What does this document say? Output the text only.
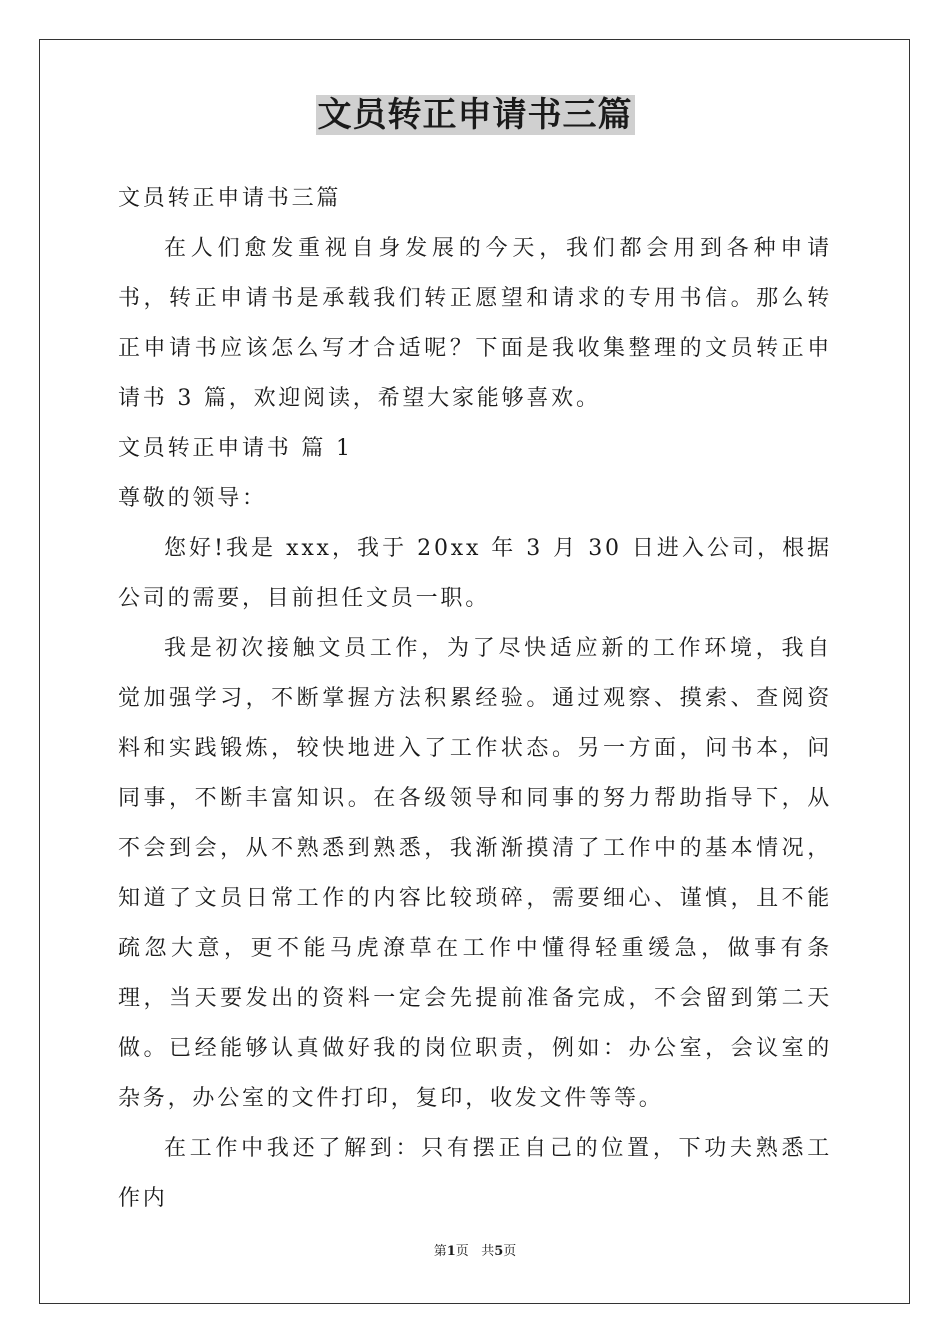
文员转正申请书三篇

文员转正申请书三篇

在人们愈发重视自身发展的今天，我们都会用到各种申请书，转正申请书是承载我们转正愿望和请求的专用书信。那么转正申请书应该怎么写才合适呢？下面是我收集整理的文员转正申请书 3 篇，欢迎阅读，希望大家能够喜欢。

文员转正申请书 篇 1

尊敬的领导：

您好!我是 xxx，我于 20xx 年 3 月 30 日进入公司，根据公司的需要，目前担任文员一职。

我是初次接触文员工作，为了尽快适应新的工作环境，我自觉加强学习，不断掌握方法积累经验。通过观察、摸索、查阅资料和实践锻炼，较快地进入了工作状态。另一方面，问书本，问同事，不断丰富知识。在各级领导和同事的努力帮助指导下，从不会到会，从不熟悉到熟悉，我渐渐摸清了工作中的基本情况，知道了文员日常工作的内容比较琐碎，需要细心、谨慎，且不能疏忽大意，更不能马虎潦草在工作中懂得轻重缓急，做事有条理，当天要发出的资料一定会先提前准备完成，不会留到第二天做。已经能够认真做好我的岗位职责，例如：办公室，会议室的杂务，办公室的文件打印，复印，收发文件等等。

在工作中我还了解到：只有摆正自己的位置，下功夫熟悉工作内

第1页 共5页
